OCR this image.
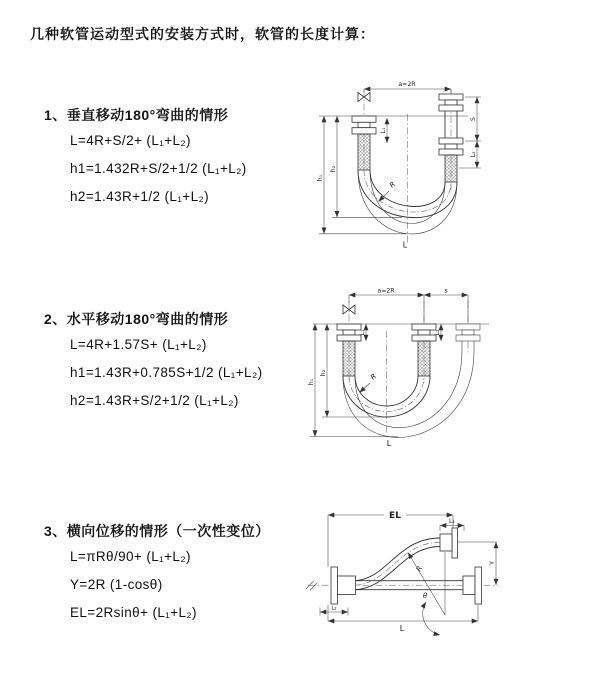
几种软管运动型式的安装方式时，软管的长度计算：
1、垂直移动180°弯曲的情形
L=4R+S/2+ (L₁+L₂)
h1=1.432R+S/2+1/2 (L₁+L₂)
h2=1.43R+1/2 (L₁+L₂)
a=2R
L₁
S
L₂
R
h₁
h₂
L
2、水平移动180°弯曲的情形
L=4R+1.57S+ (L₁+L₂)
h1=1.43R+0.785S+1/2 (L₁+L₂)
h2=1.43R+S/2+1/2 (L₁+L₂)
a=2R	s
L₁	L₂
R
h₁
h₂
L
3、横向位移的情形（一次性变位）
L=πRθ/90+ (L₁+L₂)
Y=2R (1-cosθ)
EL=2Rsinθ+ (L₁+L₂)
EL
L₁
Y
R
θ
L₂
L
